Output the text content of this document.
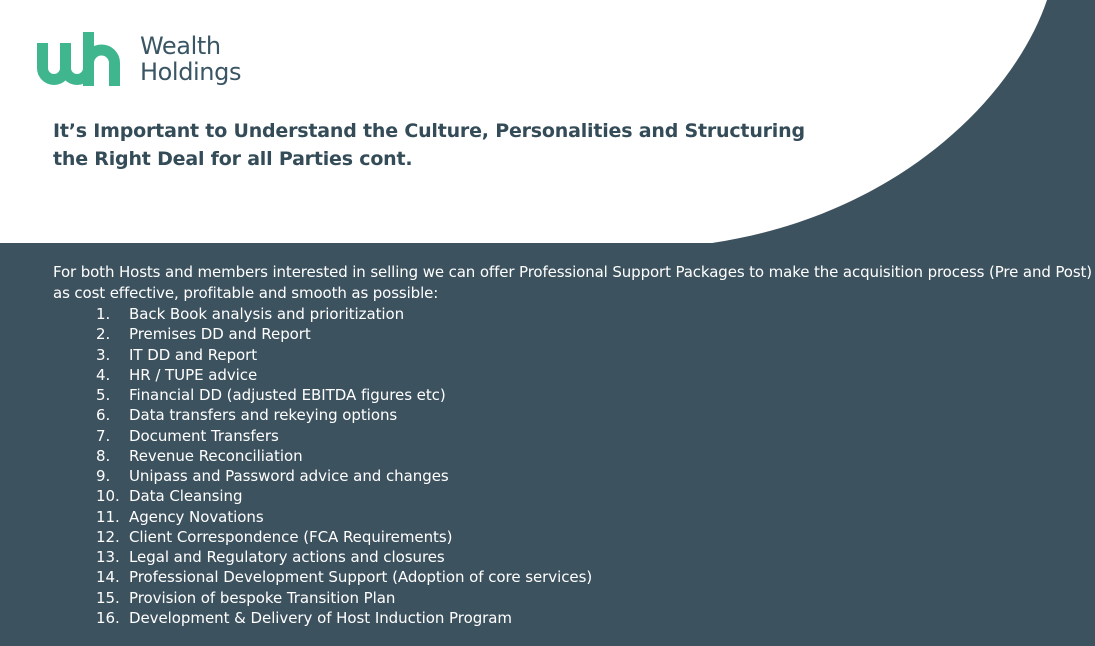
Wealth
Holdings
It’s Important to Understand the Culture, Personalities and Structuring
the Right Deal for all Parties cont.

For both Hosts and members interested in selling we can offer Professional Support Packages to make the acquisition process (Pre and Post) as cost effective, profitable and smooth as possible:

1.	Back Book analysis and prioritization
2.	Premises DD and Report
3.	IT DD and Report
4.	HR / TUPE advice
5.	Financial DD (adjusted EBITDA figures etc)
6.	Data transfers and rekeying options
7.	Document Transfers
8.	Revenue Reconciliation
9.	Unipass and Password advice and changes
10. Data Cleansing
11. Agency Novations
12. Client Correspondence (FCA Requirements)
13. Legal and Regulatory actions and closures
14. Professional Development Support (Adoption of core services)
15. Provision of bespoke Transition Plan
16. Development & Delivery of Host Induction Program
